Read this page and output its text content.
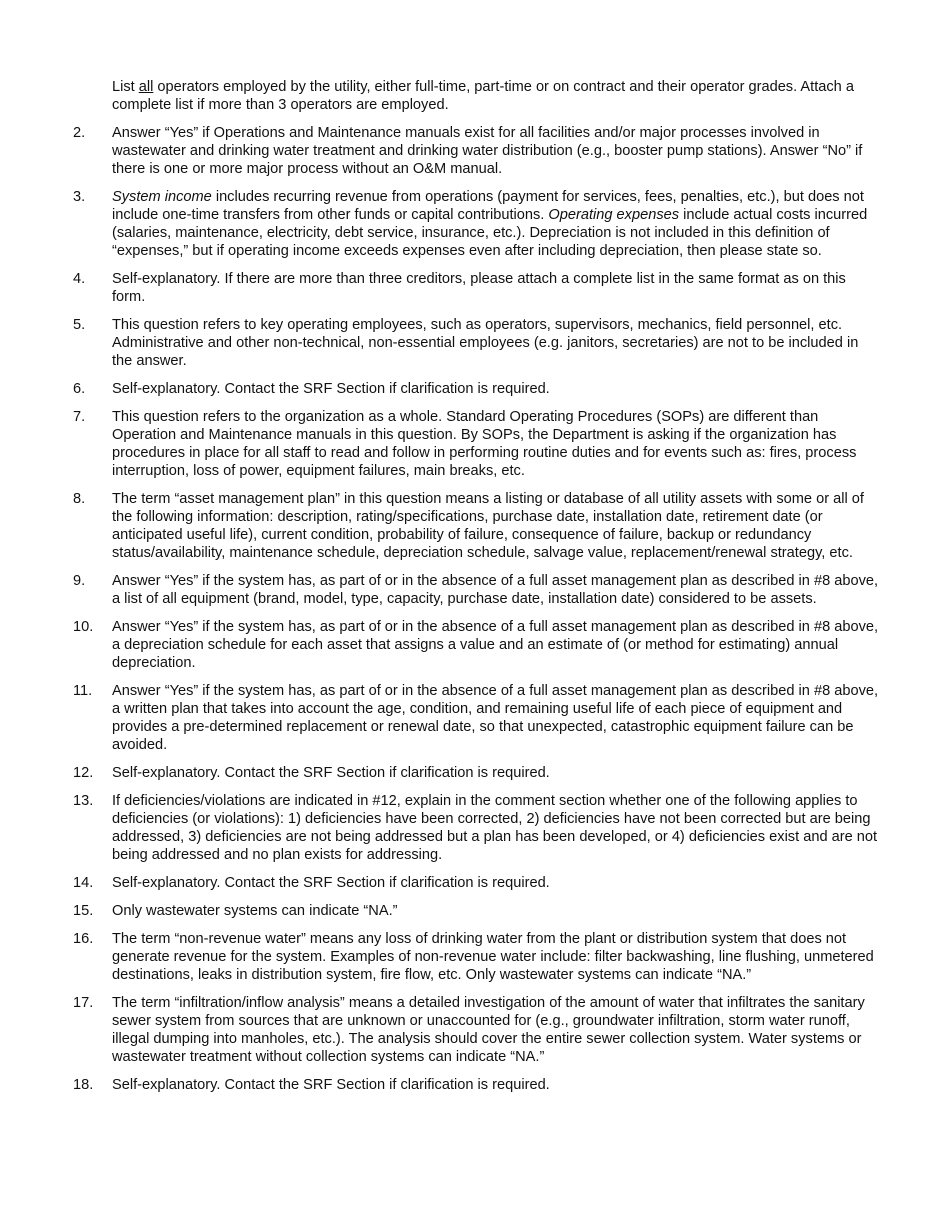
List all operators employed by the utility, either full-time, part-time or on contract and their operator grades. Attach a complete list if more than 3 operators are employed.

2.	Answer “Yes” if Operations and Maintenance manuals exist for all facilities and/or major processes involved in wastewater and drinking water treatment and drinking water distribution (e.g., booster pump stations). Answer “No” if there is one or more major process without an O&M manual.
3.	System income includes recurring revenue from operations (payment for services, fees, penalties, etc.), but does not include one-time transfers from other funds or capital contributions. Operating expenses include actual costs incurred (salaries, maintenance, electricity, debt service, insurance, etc.). Depreciation is not included in this definition of “expenses,” but if operating income exceeds expenses even after including depreciation, then please state so.
4.	Self-explanatory. If there are more than three creditors, please attach a complete list in the same format as on this form.
5.	This question refers to key operating employees, such as operators, supervisors, mechanics, field personnel, etc. Administrative and other non-technical, non-essential employees (e.g. janitors, secretaries) are not to be included in the answer.
6.	Self-explanatory. Contact the SRF Section if clarification is required.
7.	This question refers to the organization as a whole. Standard Operating Procedures (SOPs) are different than Operation and Maintenance manuals in this question. By SOPs, the Department is asking if the organization has procedures in place for all staff to read and follow in performing routine duties and for events such as: fires, process interruption, loss of power, equipment failures, main breaks, etc.
8.	The term “asset management plan” in this question means a listing or database of all utility assets with some or all of the following information: description, rating/specifications, purchase date, installation date, retirement date (or anticipated useful life), current condition, probability of failure, consequence of failure, backup or redundancy status/availability, maintenance schedule, depreciation schedule, salvage value, replacement/renewal strategy, etc.
9.	Answer “Yes” if the system has, as part of or in the absence of a full asset management plan as described in #8 above, a list of all equipment (brand, model, type, capacity, purchase date, installation date) considered to be assets.
10.	Answer “Yes” if the system has, as part of or in the absence of a full asset management plan as described in #8 above, a depreciation schedule for each asset that assigns a value and an estimate of (or method for estimating) annual depreciation.
11.	Answer “Yes” if the system has, as part of or in the absence of a full asset management plan as described in #8 above, a written plan that takes into account the age, condition, and remaining useful life of each piece of equipment and provides a pre-determined replacement or renewal date, so that unexpected, catastrophic equipment failure can be avoided.
12.	Self-explanatory. Contact the SRF Section if clarification is required.
13.	If deficiencies/violations are indicated in #12, explain in the comment section whether one of the following applies to deficiencies (or violations): 1) deficiencies have been corrected, 2) deficiencies have not been corrected but are being addressed, 3) deficiencies are not being addressed but a plan has been developed, or 4) deficiencies exist and are not being addressed and no plan exists for addressing.
14.	Self-explanatory. Contact the SRF Section if clarification is required.
15.	Only wastewater systems can indicate “NA.”
16.	The term “non-revenue water” means any loss of drinking water from the plant or distribution system that does not generate revenue for the system. Examples of non-revenue water include: filter backwashing, line flushing, unmetered destinations, leaks in distribution system, fire flow, etc. Only wastewater systems can indicate “NA.”
17.	The term “infiltration/inflow analysis” means a detailed investigation of the amount of water that infiltrates the sanitary sewer system from sources that are unknown or unaccounted for (e.g., groundwater infiltration, storm water runoff, illegal dumping into manholes, etc.). The analysis should cover the entire sewer collection system. Water systems or wastewater treatment without collection systems can indicate “NA.”
18.	Self-explanatory. Contact the SRF Section if clarification is required.
